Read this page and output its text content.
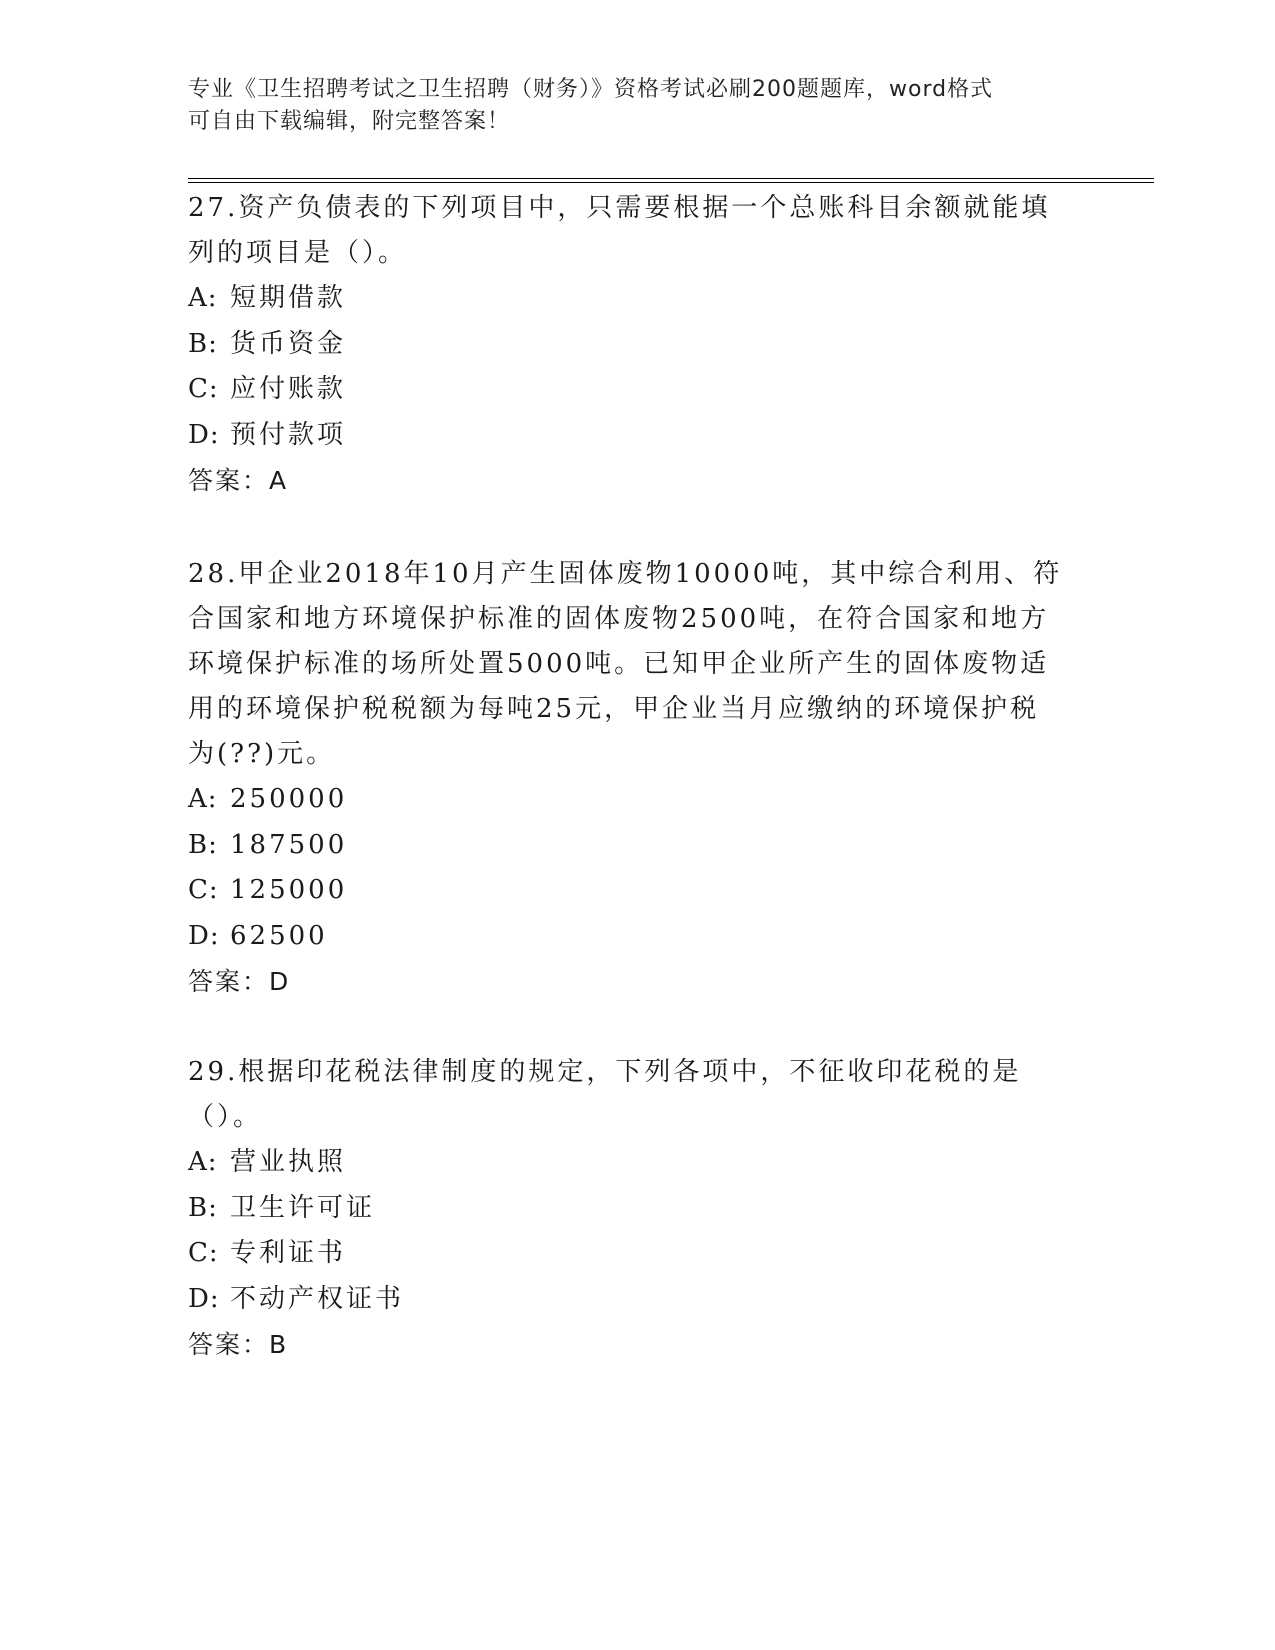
专业《卫生招聘考试之卫生招聘（财务）》资格考试必刷200题题库，word格式

可自由下载编辑，附完整答案！

27.资产负债表的下列项目中，只需要根据一个总账科目余额就能填列的项目是（）。

A: 短期借款

B: 货币资金

C: 应付账款

D: 预付款项

答案：A

28.甲企业2018年10月产生固体废物10000吨，其中综合利用、符合国家和地方环境保护标准的固体废物2500吨，在符合国家和地方环境保护标准的场所处置5000吨。已知甲企业所产生的固体废物适用的环境保护税税额为每吨25元，甲企业当月应缴纳的环境保护税为(??)元。

A: 250000

B: 187500

C: 125000

D: 62500

答案：D

29.根据印花税法律制度的规定，下列各项中，不征收印花税的是（）。

A: 营业执照

B: 卫生许可证

C: 专利证书

D: 不动产权证书

答案：B
